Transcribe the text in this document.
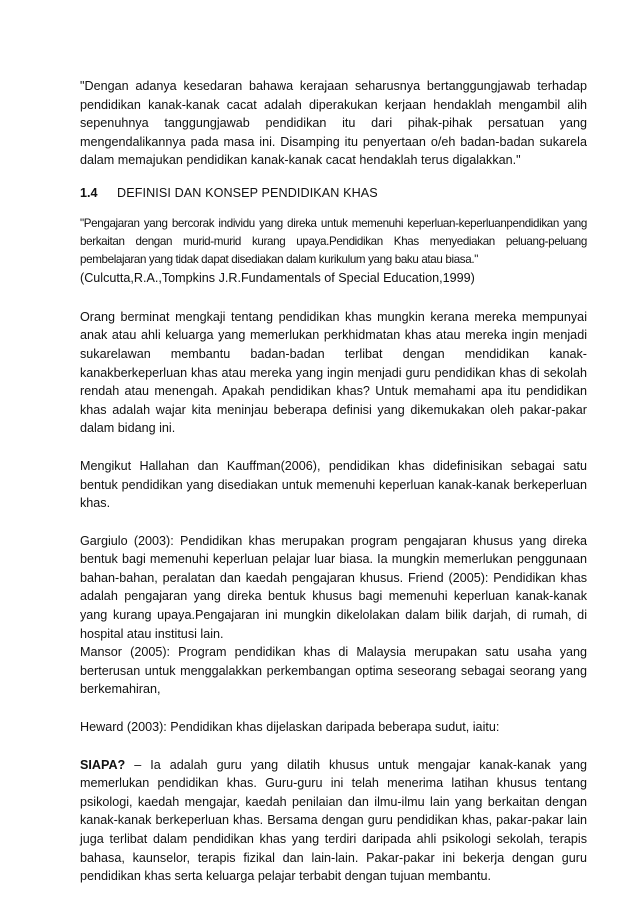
"Dengan adanya kesedaran bahawa kerajaan seharusnya bertanggungjawab terhadap pendidikan kanak-kanak cacat adalah diperakukan kerjaan hendaklah mengambil alih sepenuhnya tanggungjawab pendidikan itu dari pihak-pihak persatuan yang mengendalikannya pada masa ini. Disamping itu penyertaan o/eh badan-badan sukarela dalam memajukan pendidikan kanak-kanak cacat hendaklah terus digalakkan."

1.4	DEFINISI DAN KONSEP PENDIDIKAN KHAS

"Pengajaran yang bercorak individu yang direka untuk memenuhi keperluan-keperluanpendidikan yang berkaitan dengan murid-murid kurang upaya.Pendidikan Khas menyediakan peluang-peluang pembelajaran yang tidak dapat disediakan dalam kurikulum yang baku atau biasa."

(Culcutta,R.A.,Tompkins J.R.Fundamentals of Special Education,1999)

Orang berminat mengkaji tentang pendidikan khas mungkin kerana mereka mempunyai anak atau ahli keluarga yang memerlukan perkhidmatan khas atau mereka ingin menjadi sukarelawan membantu badan-badan terlibat dengan mendidikan kanak-kanakberkeperluan khas atau mereka yang ingin menjadi guru pendidikan khas di sekolah rendah atau menengah. Apakah pendidikan khas? Untuk memahami apa itu pendidikan khas adalah wajar kita meninjau beberapa definisi yang dikemukakan oleh pakar-pakar dalam bidang ini.

Mengikut Hallahan dan Kauffman(2006), pendidikan khas didefinisikan sebagai satu bentuk pendidikan yang disediakan untuk memenuhi keperluan kanak-kanak berkeperluan khas.

Gargiulo (2003): Pendidikan khas merupakan program pengajaran khusus yang direka bentuk bagi memenuhi keperluan pelajar luar biasa. Ia mungkin memerlukan penggunaan bahan-bahan, peralatan dan kaedah pengajaran khusus. Friend (2005): Pendidikan khas adalah pengajaran yang direka bentuk khusus bagi memenuhi keperluan kanak-kanak yang kurang upaya.Pengajaran ini mungkin dikelolakan dalam bilik darjah, di rumah, di hospital atau institusi lain.

Mansor (2005): Program pendidikan khas di Malaysia merupakan satu usaha yang berterusan untuk menggalakkan perkembangan optima seseorang sebagai seorang yang berkemahiran,

Heward (2003): Pendidikan khas dijelaskan daripada beberapa sudut, iaitu:

SIAPA? – Ia adalah guru yang dilatih khusus untuk mengajar kanak-kanak yang memerlukan pendidikan khas. Guru-guru ini telah menerima latihan khusus tentang psikologi, kaedah mengajar, kaedah penilaian dan ilmu-ilmu lain yang berkaitan dengan kanak-kanak berkeperluan khas. Bersama dengan guru pendidikan khas, pakar-pakar lain juga terlibat dalam pendidikan khas yang terdiri daripada ahli psikologi sekolah, terapis bahasa, kaunselor, terapis fizikal dan lain-lain. Pakar-pakar ini bekerja dengan guru pendidikan khas serta keluarga pelajar terbabit dengan tujuan membantu.
